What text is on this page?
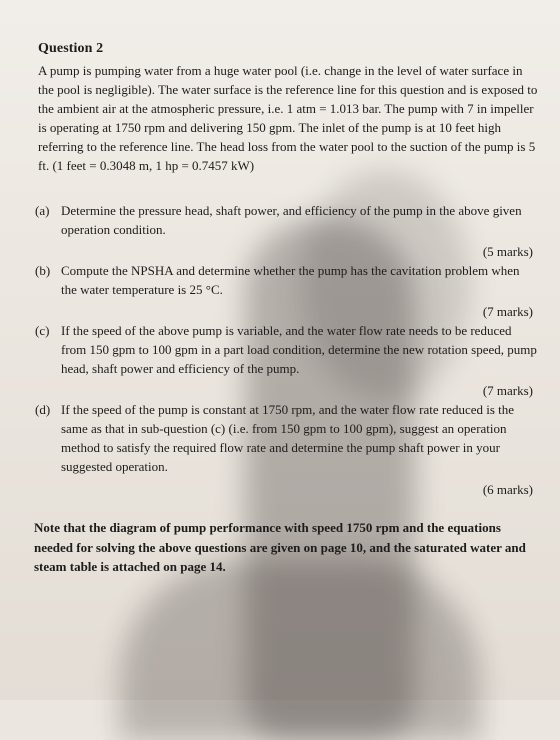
Question 2

A pump is pumping water from a huge water pool (i.e. change in the level of water surface in the pool is negligible). The water surface is the reference line for this question and is exposed to the ambient air at the atmospheric pressure, i.e. 1 atm = 1.013 bar. The pump with 7 in impeller is operating at 1750 rpm and delivering 150 gpm. The inlet of the pump is at 10 feet high referring to the reference line. The head loss from the water pool to the suction of the pump is 5 ft. (1 feet = 0.3048 m, 1 hp = 0.7457 kW)

(a) Determine the pressure head, shaft power, and efficiency of the pump in the above given operation condition.
(5 marks)
(b) Compute the NPSHA and determine whether the pump has the cavitation problem when the water temperature is 25 °C.
(7 marks)
(c) If the speed of the above pump is variable, and the water flow rate needs to be reduced from 150 gpm to 100 gpm in a part load condition, determine the new rotation speed, pump head, shaft power and efficiency of the pump.
(7 marks)
(d) If the speed of the pump is constant at 1750 rpm, and the water flow rate reduced is the same as that in sub-question (c) (i.e. from 150 gpm to 100 gpm), suggest an operation method to satisfy the required flow rate and determine the pump shaft power in your suggested operation.
(6 marks)

Note that the diagram of pump performance with speed 1750 rpm and the equations needed for solving the above questions are given on page 10, and the saturated water and steam table is attached on page 14.
